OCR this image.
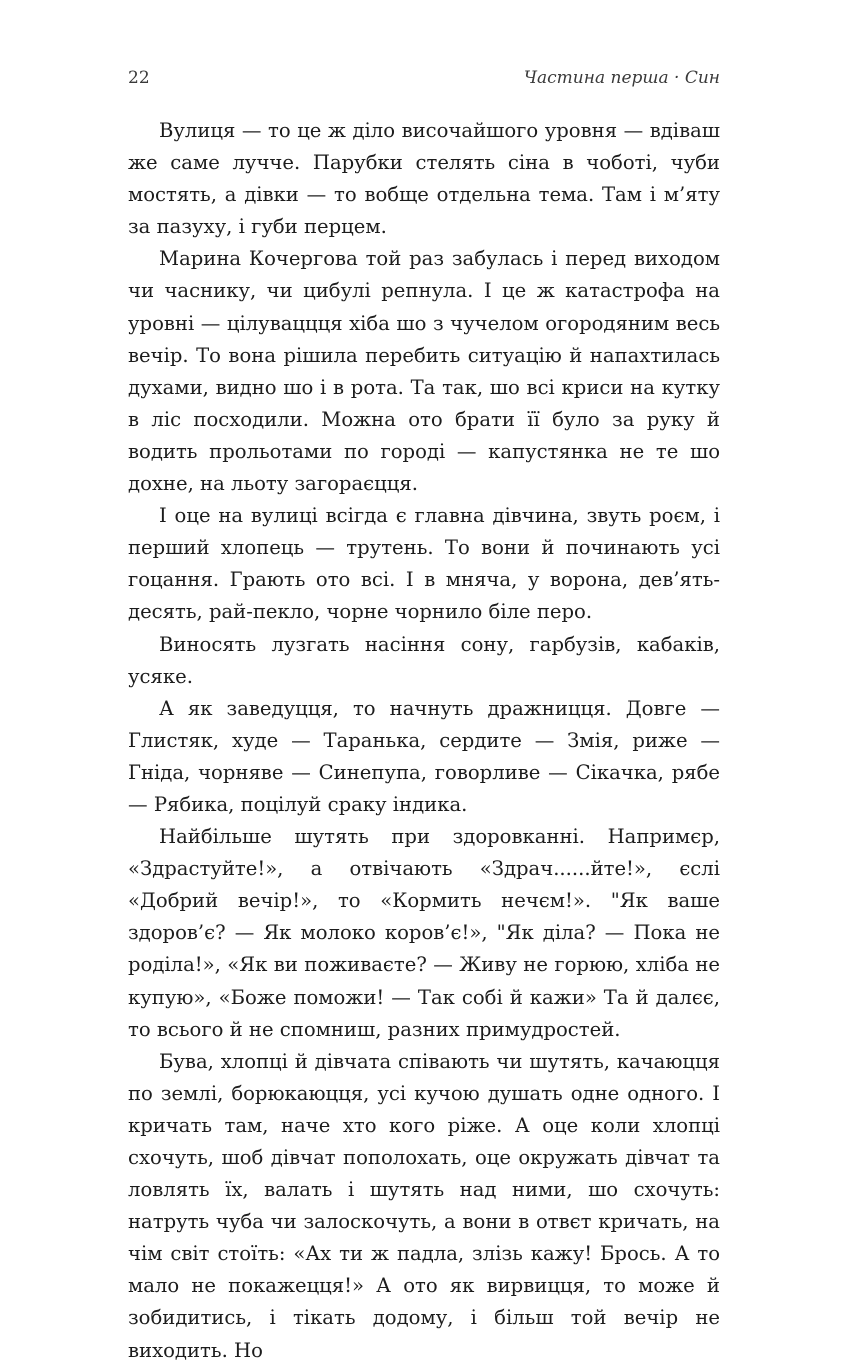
22	Частина перша · Син

Вулиця — то це ж діло височайшого уровня — вдіваш же саме лучче. Парубки стелять сіна в чоботі, чуби мостять, а дівки — то вобще отдельна тема. Там і м’яту за пазуху, і губи перцем.

Марина Кочергова той раз забулась і перед виходом чи часнику, чи цибулі репнула. І це ж катастрофа на уровні — цілуваццця хіба шо з чучелом огородяним весь вечір. То вона рішила перебить ситуацію й напахтилась духами, видно шо і в рота. Та так, шо всі криси на кутку в ліс посходили. Можна ото брати її було за руку й водить прольотами по городі — капустянка не те шо дохне, на льоту загораєцця.

І оце на вулиці всігда є главна дівчина, звуть роєм, і перший хлопець — трутень. То вони й починають усі гоцання. Грають ото всі. І в мняча, у ворона, дев’ять-десять, рай-пекло, чорне чорнило біле перо.

Виносять лузгать насіння сону, гарбузів, кабаків, усяке.

А як заведуцця, то начнуть дражницця. Довге — Глистяк, худе — Таранька, сердите — Змія, риже — Гніда, чорняве — Синепупа, говорливе — Сікачка, рябе — Рябика, поцілуй сраку індика.

Найбільше шутять при здоровканні. Напримєр, «Здрастуйте!», а отвічають «Здрач......йте!», єслі «Добрий вечір!», то «Кормить нечєм!». "Як ваше здоров’є? — Як молоко коров’є!», "Як діла? — Пока не роділа!», «Як ви поживаєте? — Живу не горюю, хліба не купую», «Боже поможи! — Так собі й кажи» Та й далєє, то всього й не спомниш, разних примудростей.

Бува, хлопці й дівчата співають чи шутять, качаюцця по землі, борюкаюцця, усі кучою душать одне одного. І кричать там, наче хто кого ріже. А оце коли хлопці схочуть, шоб дівчат пополохать, оце окружать дівчат та ловлять їх, валать і шутять над ними, шо схочуть: натруть чуба чи залоскочуть, а вони в отвєт кричать, на чім світ стоїть: «Ах ти ж падла, злізь кажу! Брось. А то мало не покажецця!» А ото як вирвицця, то може й зобидитись, і тікать додому, і більш той вечір не виходить. Но
